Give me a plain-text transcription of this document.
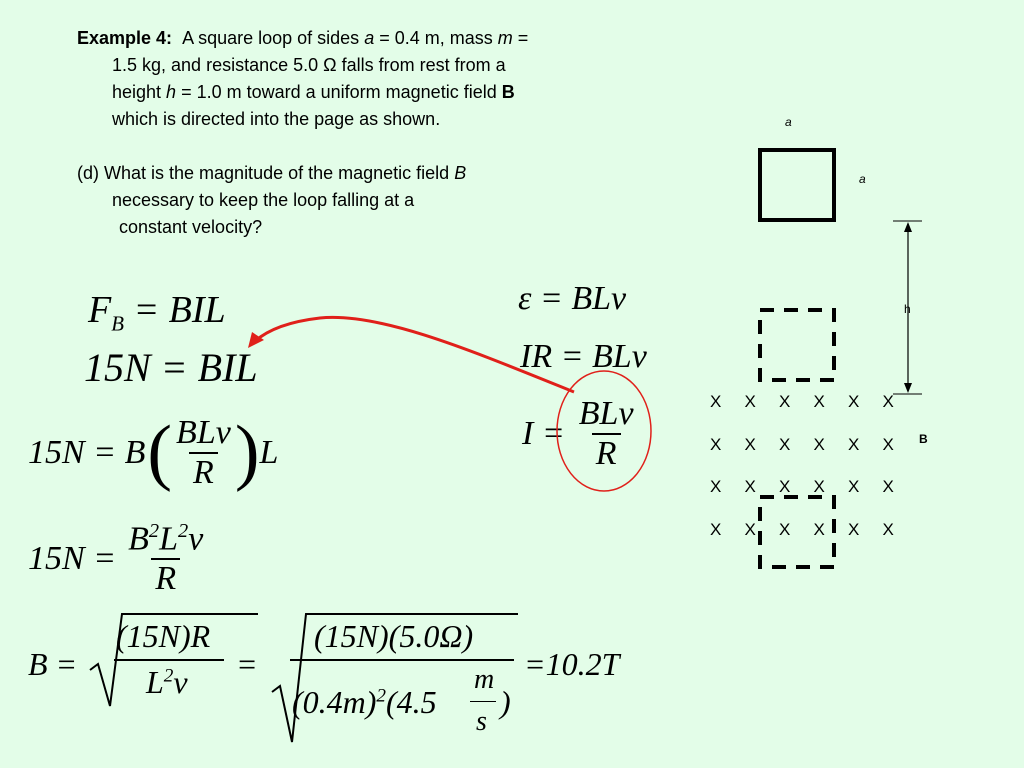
Example 4: A square loop of sides a = 0.4 m, mass m =
1.5 kg, and resistance 5.0 Ω falls from rest from a
height h = 1.0 m toward a uniform magnetic field B
which is directed into the page as shown.
(d) What is the magnitude of the magnetic field B
necessary to keep the loop falling at a
constant velocity?
$F_B$ = BIL
15N = BIL
15N = B ( $\frac{\text{BLv}}{R}$ ) L
$15N = \frac{B^2L^2v}{R}$
B =
(15N)R
$L^2v$ =
(15N)(5.0Ω)
$(0.4m)^2(4.5$
m
s
)
=10.2T
ε = BLv
IR = BLv
$I = \frac{\text{BLv}}{R}$
a
a
h
B
X X X X X X
X X X X X X
X X X X X X
X X X X X X
